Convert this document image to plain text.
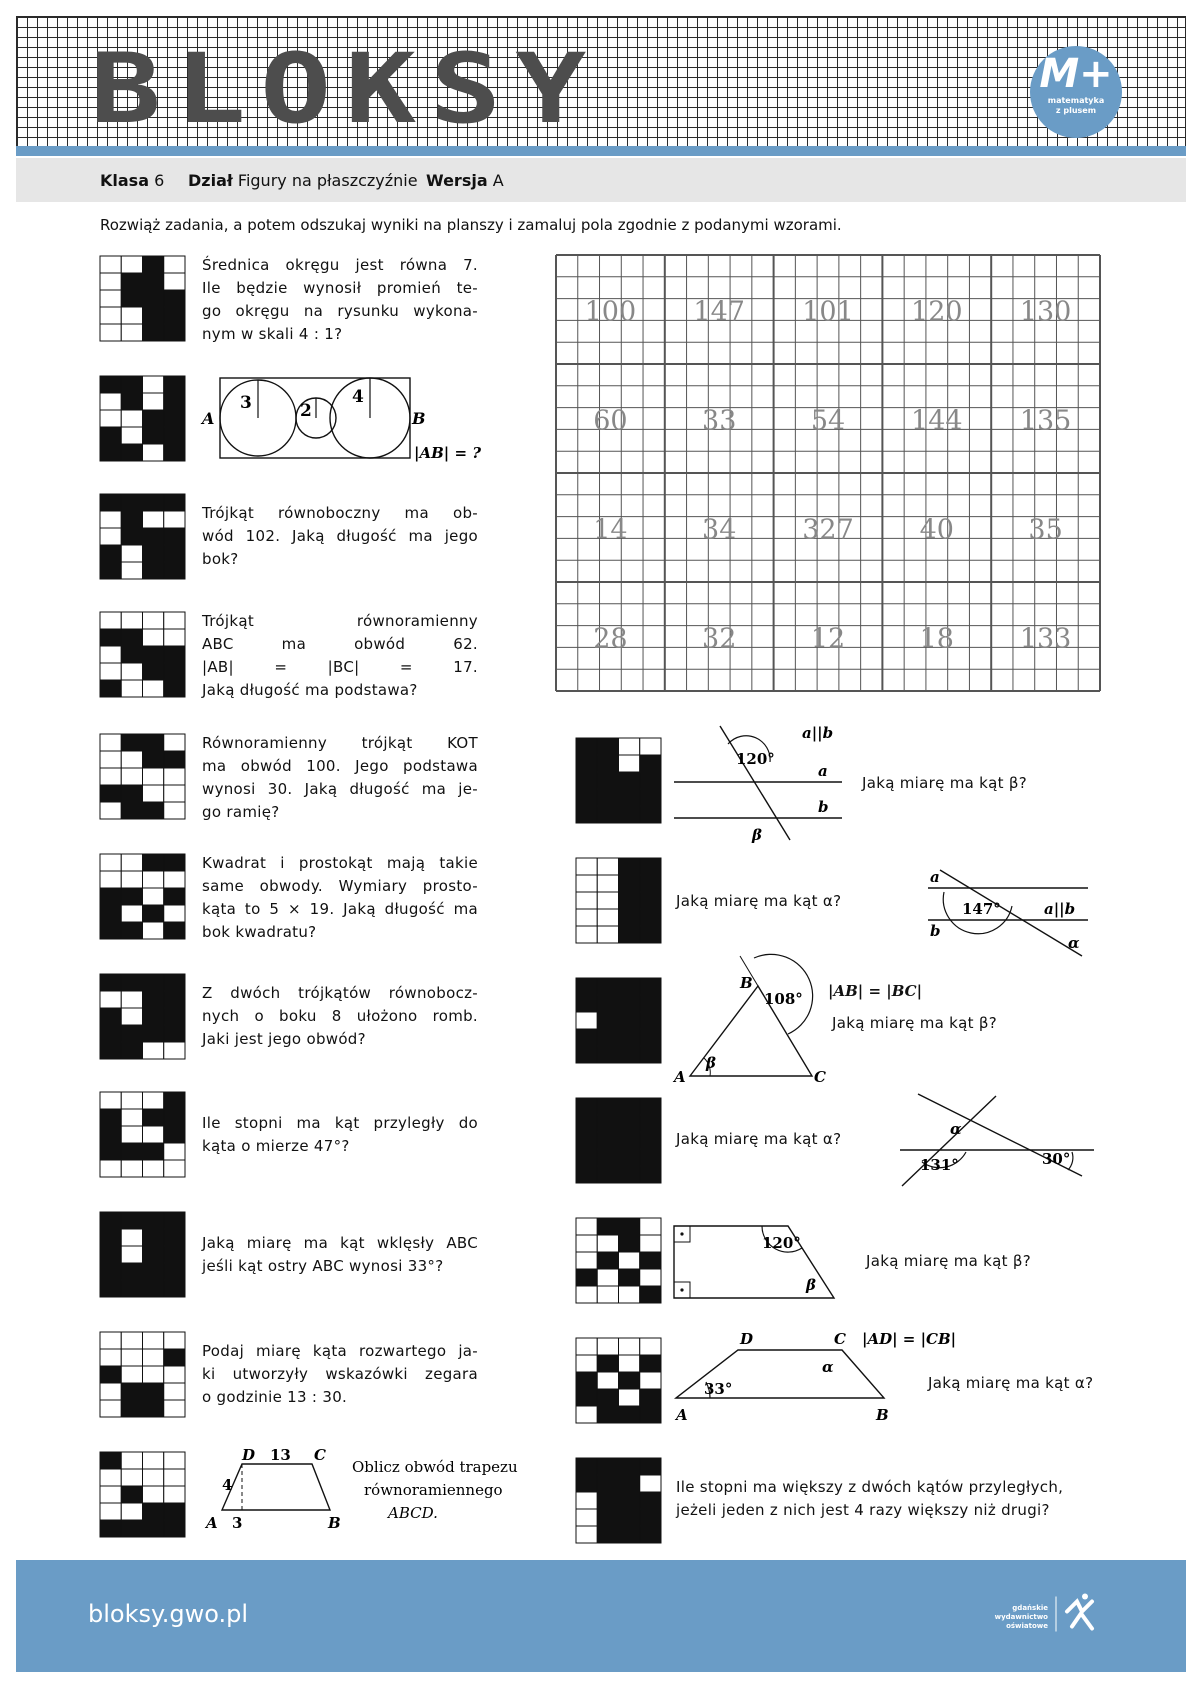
BLOKSY	M+
matematyka
z plusem
Klasa 6 Dział Figury na płaszczyźnie Wersja A
Rozwiąż zadania, a potem odszukaj wyniki na planszy i zamaluj pola zgodnie z podanymi wzorami.
100 147 101 120 130
60	33	54 144 135
14	34 327 40	35
28	32	12	18 133
Średnica okręgu jest równa 7.
Ile będzie wynosił promień te-
go okręgu na rysunku wykona-
nym w skali 4 : 1?
Trójkąt równoboczny ma ob-
wód 102. Jaką długość ma jego
bok?
Trójkąt równoramienny
ABC ma obwód 62.
|AB| = |BC| = 17.
Jaką długość ma podstawa?
Równoramienny trójkąt KOT
ma obwód 100. Jego podstawa
wynosi 30. Jaką długość ma je-
go ramię?
Kwadrat i prostokąt mają takie
same obwody. Wymiary prosto-
kąta to 5 × 19. Jaką długość ma
bok kwadratu?
Z dwóch trójkątów równobocz-
nych o boku 8 ułożono romb.
Jaki jest jego obwód?
Ile stopni ma kąt przyległy do
kąta o mierze 47°?
Jaką miarę ma kąt wklęsły ABC
jeśli kąt ostry ABC wynosi 33°?
Podaj miarę kąta rozwartego ja-
ki utworzyły wskazówki zegara
o godzinie 13 : 30.
Jaką miarę ma kąt β?
Jaką miarę ma kąt α?
Jaką miarę ma kąt β?
Jaką miarę ma kąt α?
Jaką miarę ma kąt β?
Jaką miarę ma kąt α?
Ile stopni ma większy z dwóch kątów przyległych,
jeżeli jeden z nich jest 4 razy większy niż drugi?
3	2
4
A	B
|AB| = ?
D 13 C
4
A 3	B
Oblicz obwód trapezu
równoramiennego
ABCD.
120°
a||b
a
b
β
147°
a
b
a||b
α
108°
B
A	C
β
|AB| = |BC|
131°	30°
α
120°
β
D	C
A	B
33°
α
|AD| = |CB|
bloksy.gwo.pl	gdańskie
wydawnictwo
oświatowe
